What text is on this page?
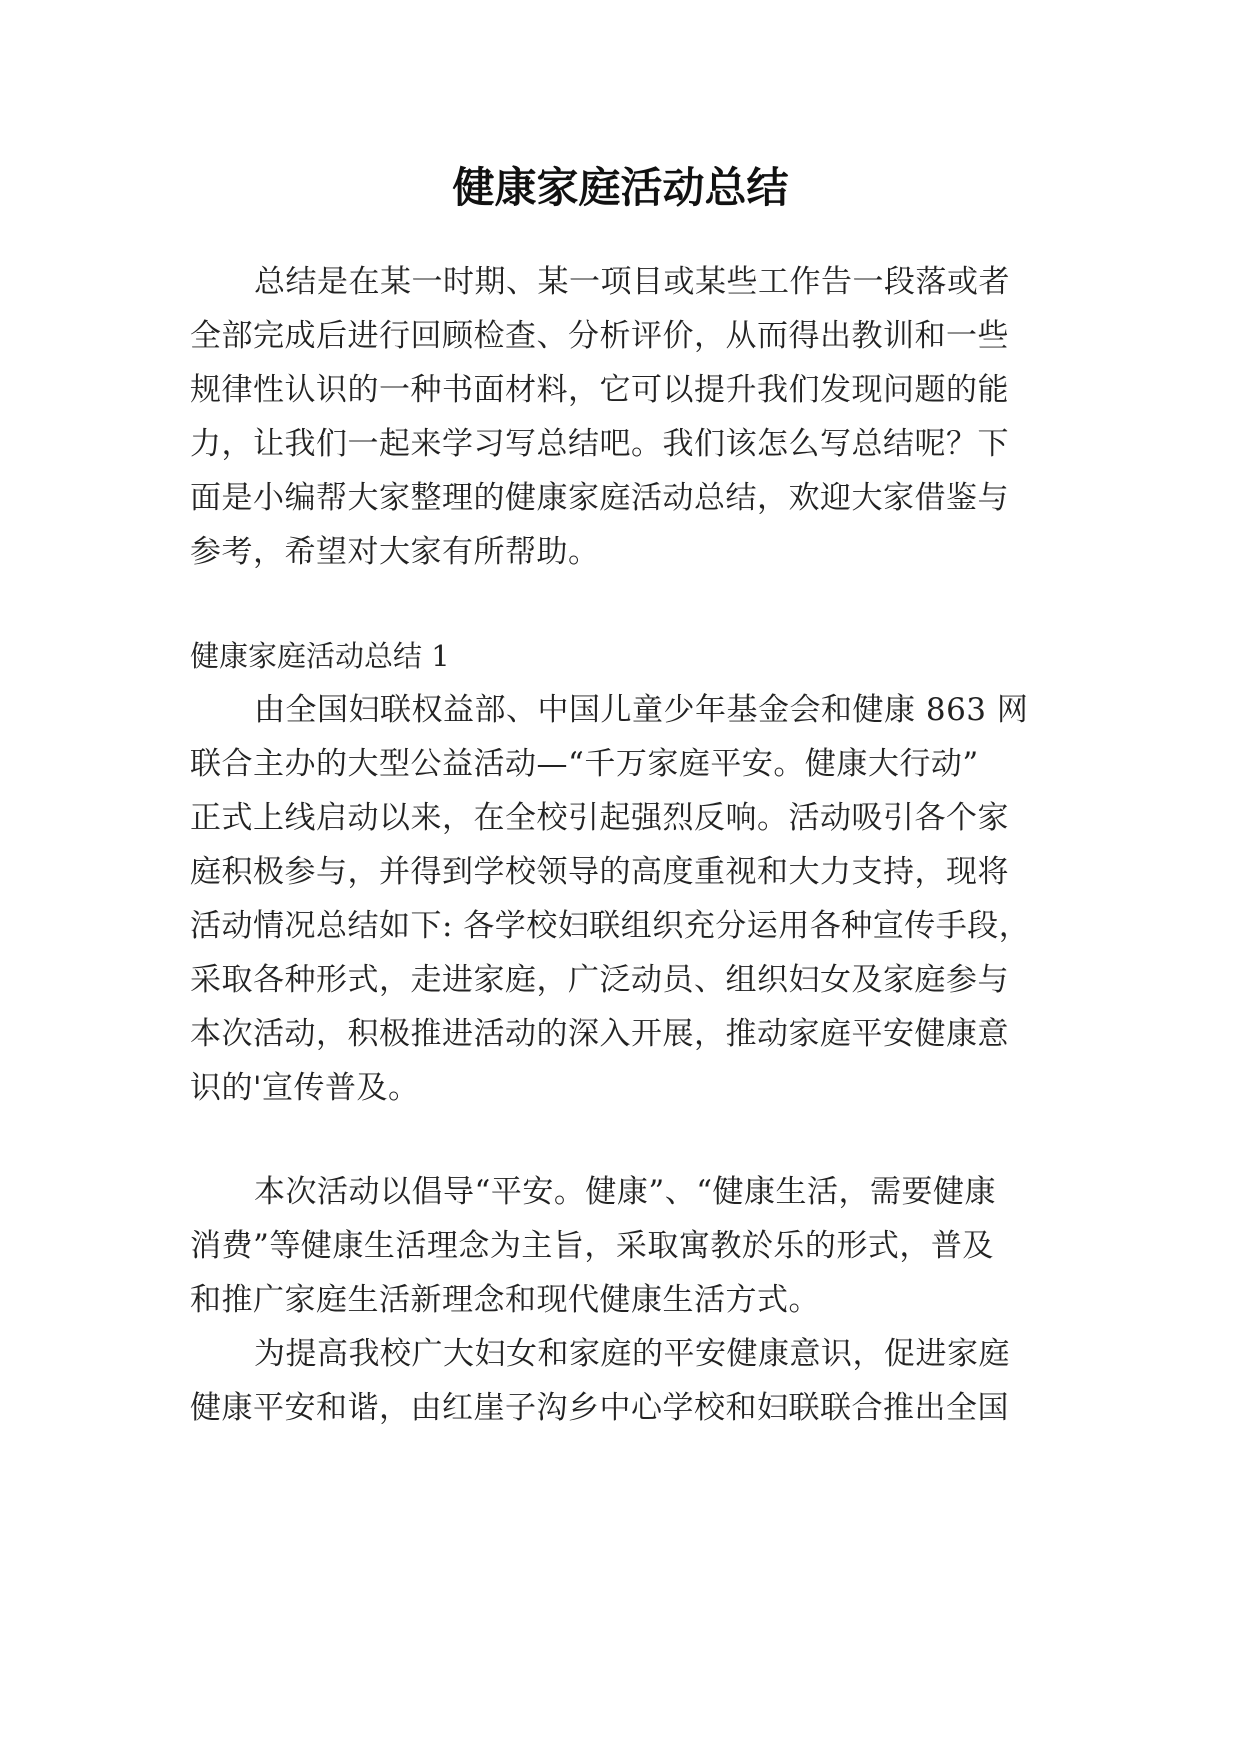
健康家庭活动总结
总结是在某一时期、某一项目或某些工作告一段落或者
全部完成后进行回顾检查、分析评价，从而得出教训和一些
规律性认识的一种书面材料，它可以提升我们发现问题的能
力，让我们一起来学习写总结吧。我们该怎么写总结呢？下
面是小编帮大家整理的健康家庭活动总结，欢迎大家借鉴与
参考，希望对大家有所帮助。
健康家庭活动总结 1
由全国妇联权益部、中国儿童少年基金会和健康 863 网
联合主办的大型公益活动—“千万家庭平安。健康大行动”
正式上线启动以来，在全校引起强烈反响。活动吸引各个家
庭积极参与，并得到学校领导的高度重视和大力支持，现将
活动情况总结如下: 各学校妇联组织充分运用各种宣传手段，
采取各种形式，走进家庭，广泛动员、组织妇女及家庭参与
本次活动，积极推进活动的深入开展，推动家庭平安健康意
识的'宣传普及。
本次活动以倡导“平安。健康”、“健康生活，需要健康
消费”等健康生活理念为主旨，采取寓教於乐的形式，普及
和推广家庭生活新理念和现代健康生活方式。
为提高我校广大妇女和家庭的平安健康意识，促进家庭
健康平安和谐，由红崖子沟乡中心学校和妇联联合推出全国
